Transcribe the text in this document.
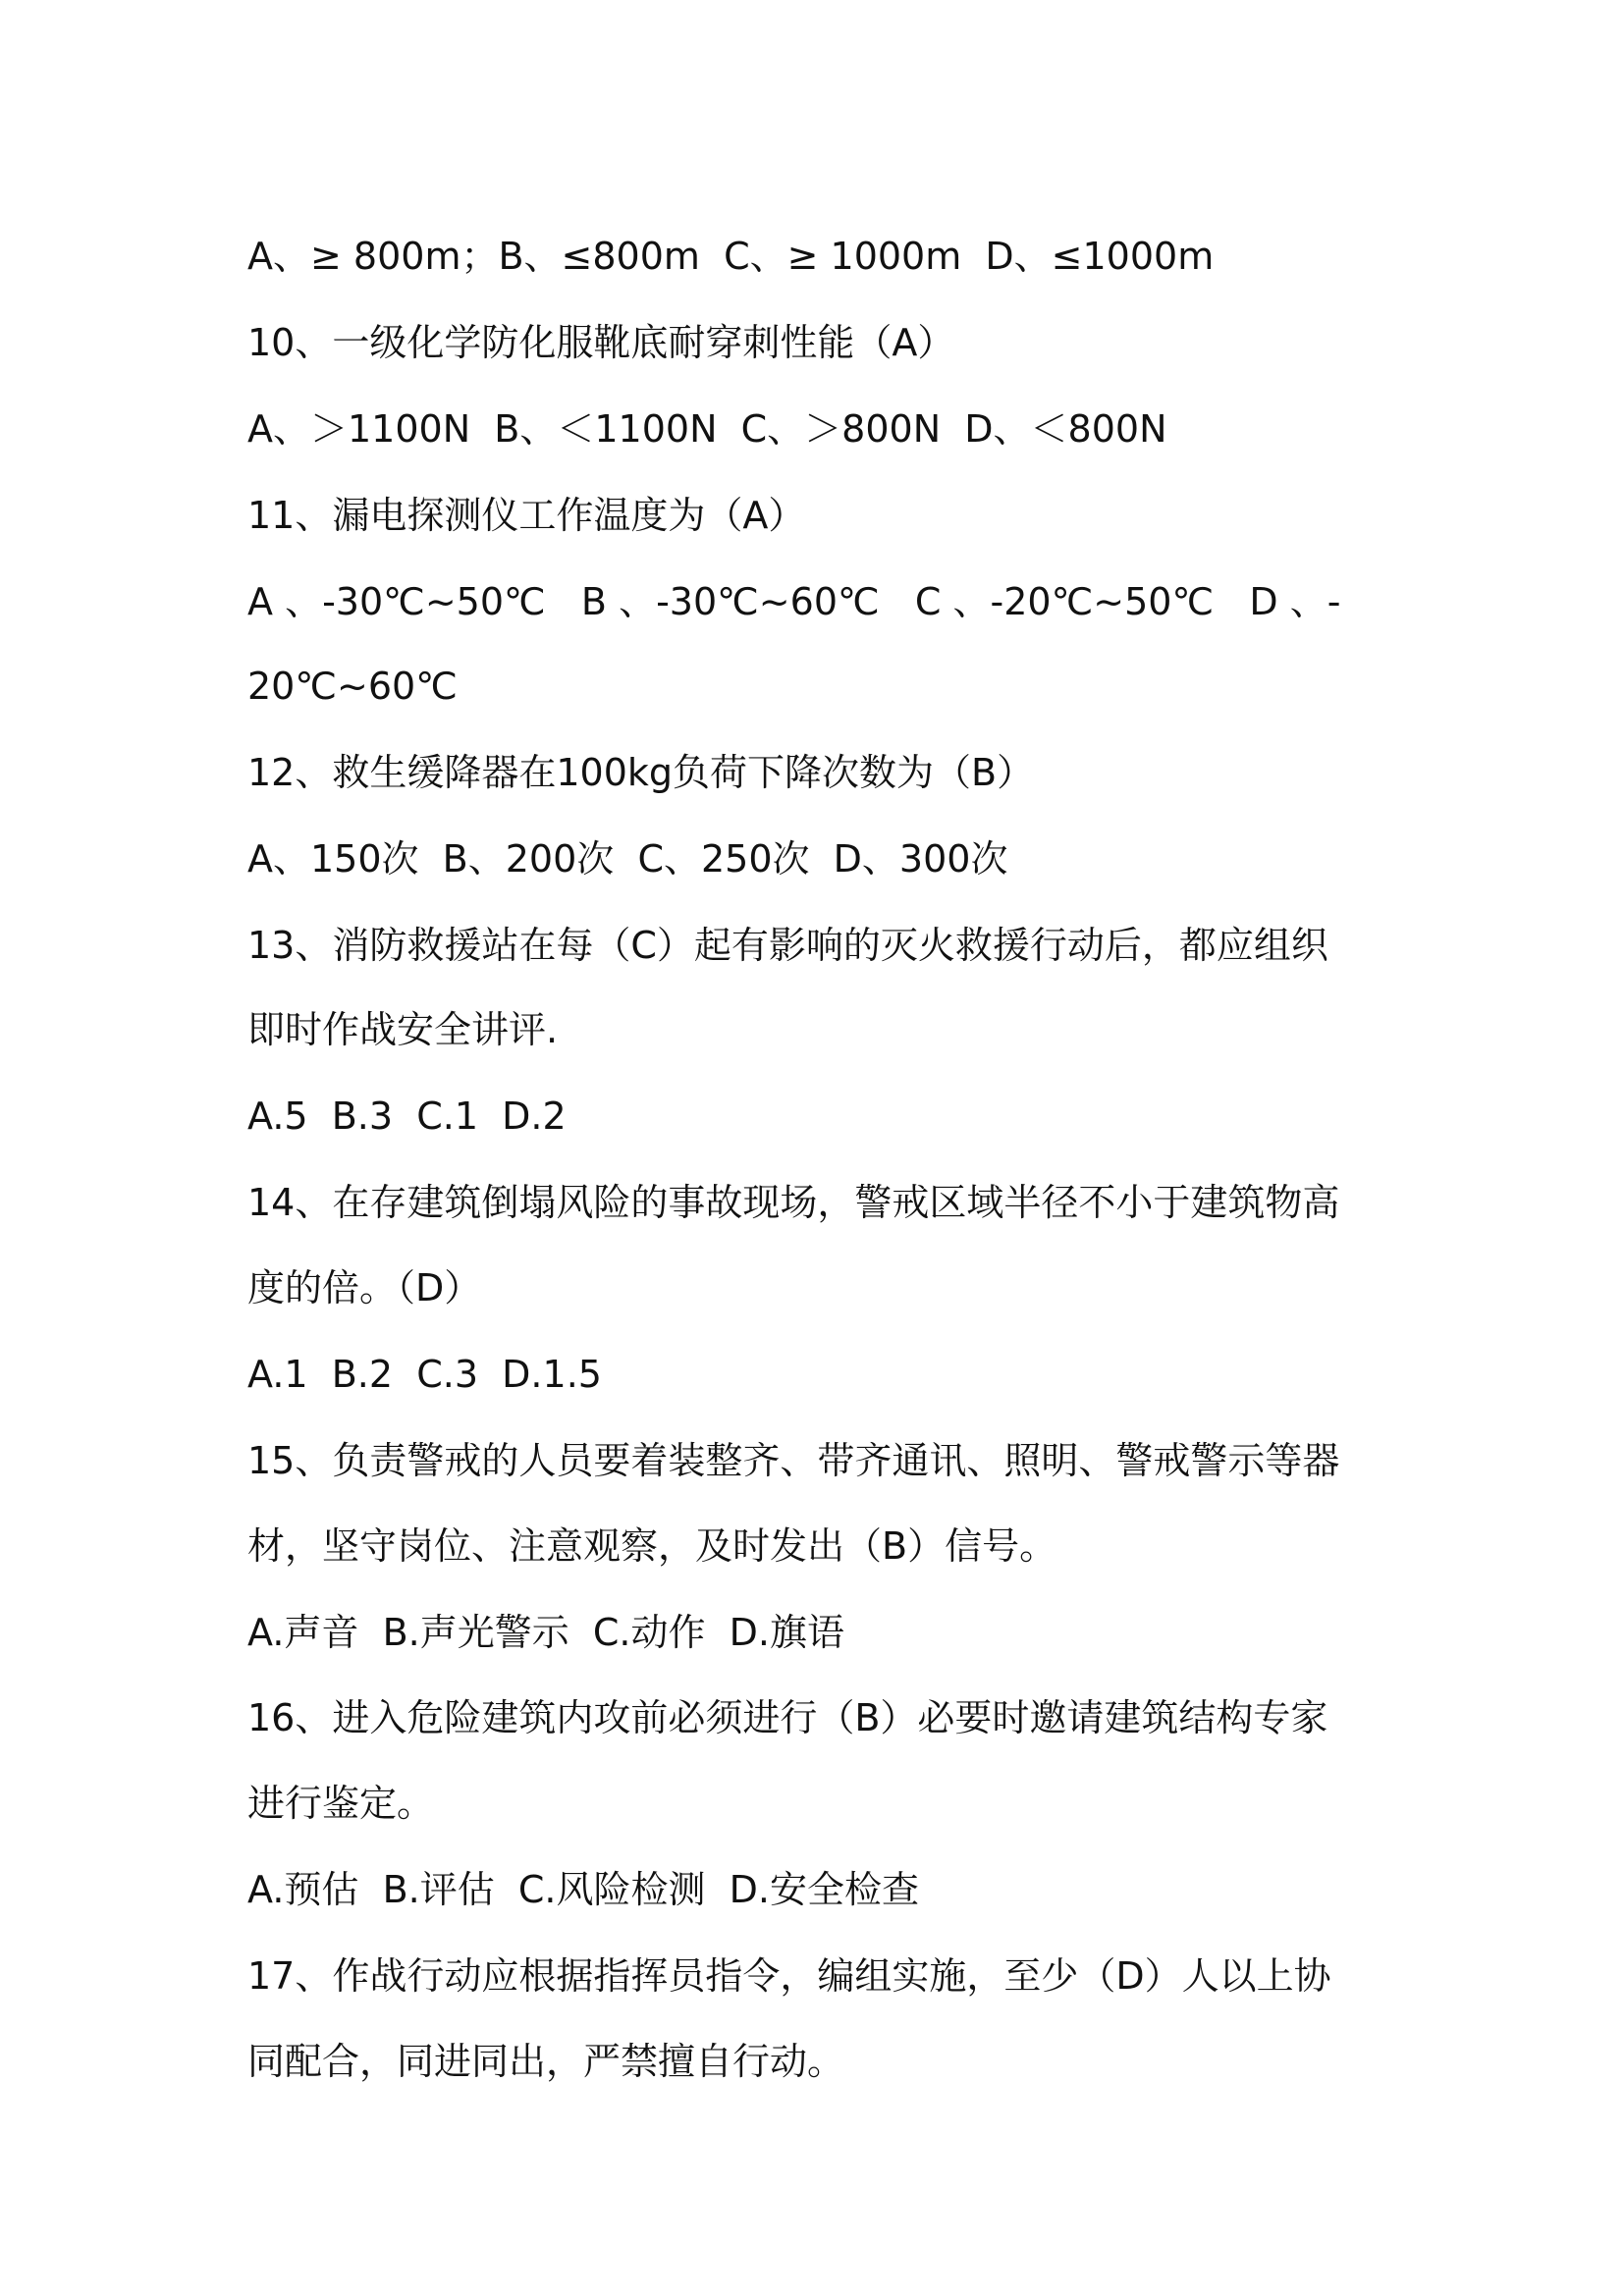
A、≥ 800m；B、≤800m  C、≥ 1000m  D、≤1000m
10、一级化学防化服靴底耐穿刺性能（A）
A、＞1100N  B、＜1100N  C、＞800N  D、＜800N
11、漏电探测仪工作温度为（A）
A 、-30℃~50℃   B 、-30℃~60℃   C 、-20℃~50℃   D 、-
20℃~60℃
12、救生缓降器在100kg负荷下降次数为（B）
A、150次  B、200次  C、250次  D、300次
13、消防救援站在每（C）起有影响的灭火救援行动后，都应组织
即时作战安全讲评.
A.5  B.3  C.1  D.2
14、在存建筑倒塌风险的事故现场，警戒区域半径不小于建筑物高
度的倍。（D）
A.1  B.2  C.3  D.1.5
15、负责警戒的人员要着装整齐、带齐通讯、照明、警戒警示等器
材，坚守岗位、注意观察，及时发出（B）信号。
A.声音  B.声光警示  C.动作  D.旗语
16、进入危险建筑内攻前必须进行（B）必要时邀请建筑结构专家
进行鉴定。
A.预估  B.评估  C.风险检测  D.安全检查
17、作战行动应根据指挥员指令，编组实施，至少（D）人以上协
同配合，同进同出，严禁擅自行动。
